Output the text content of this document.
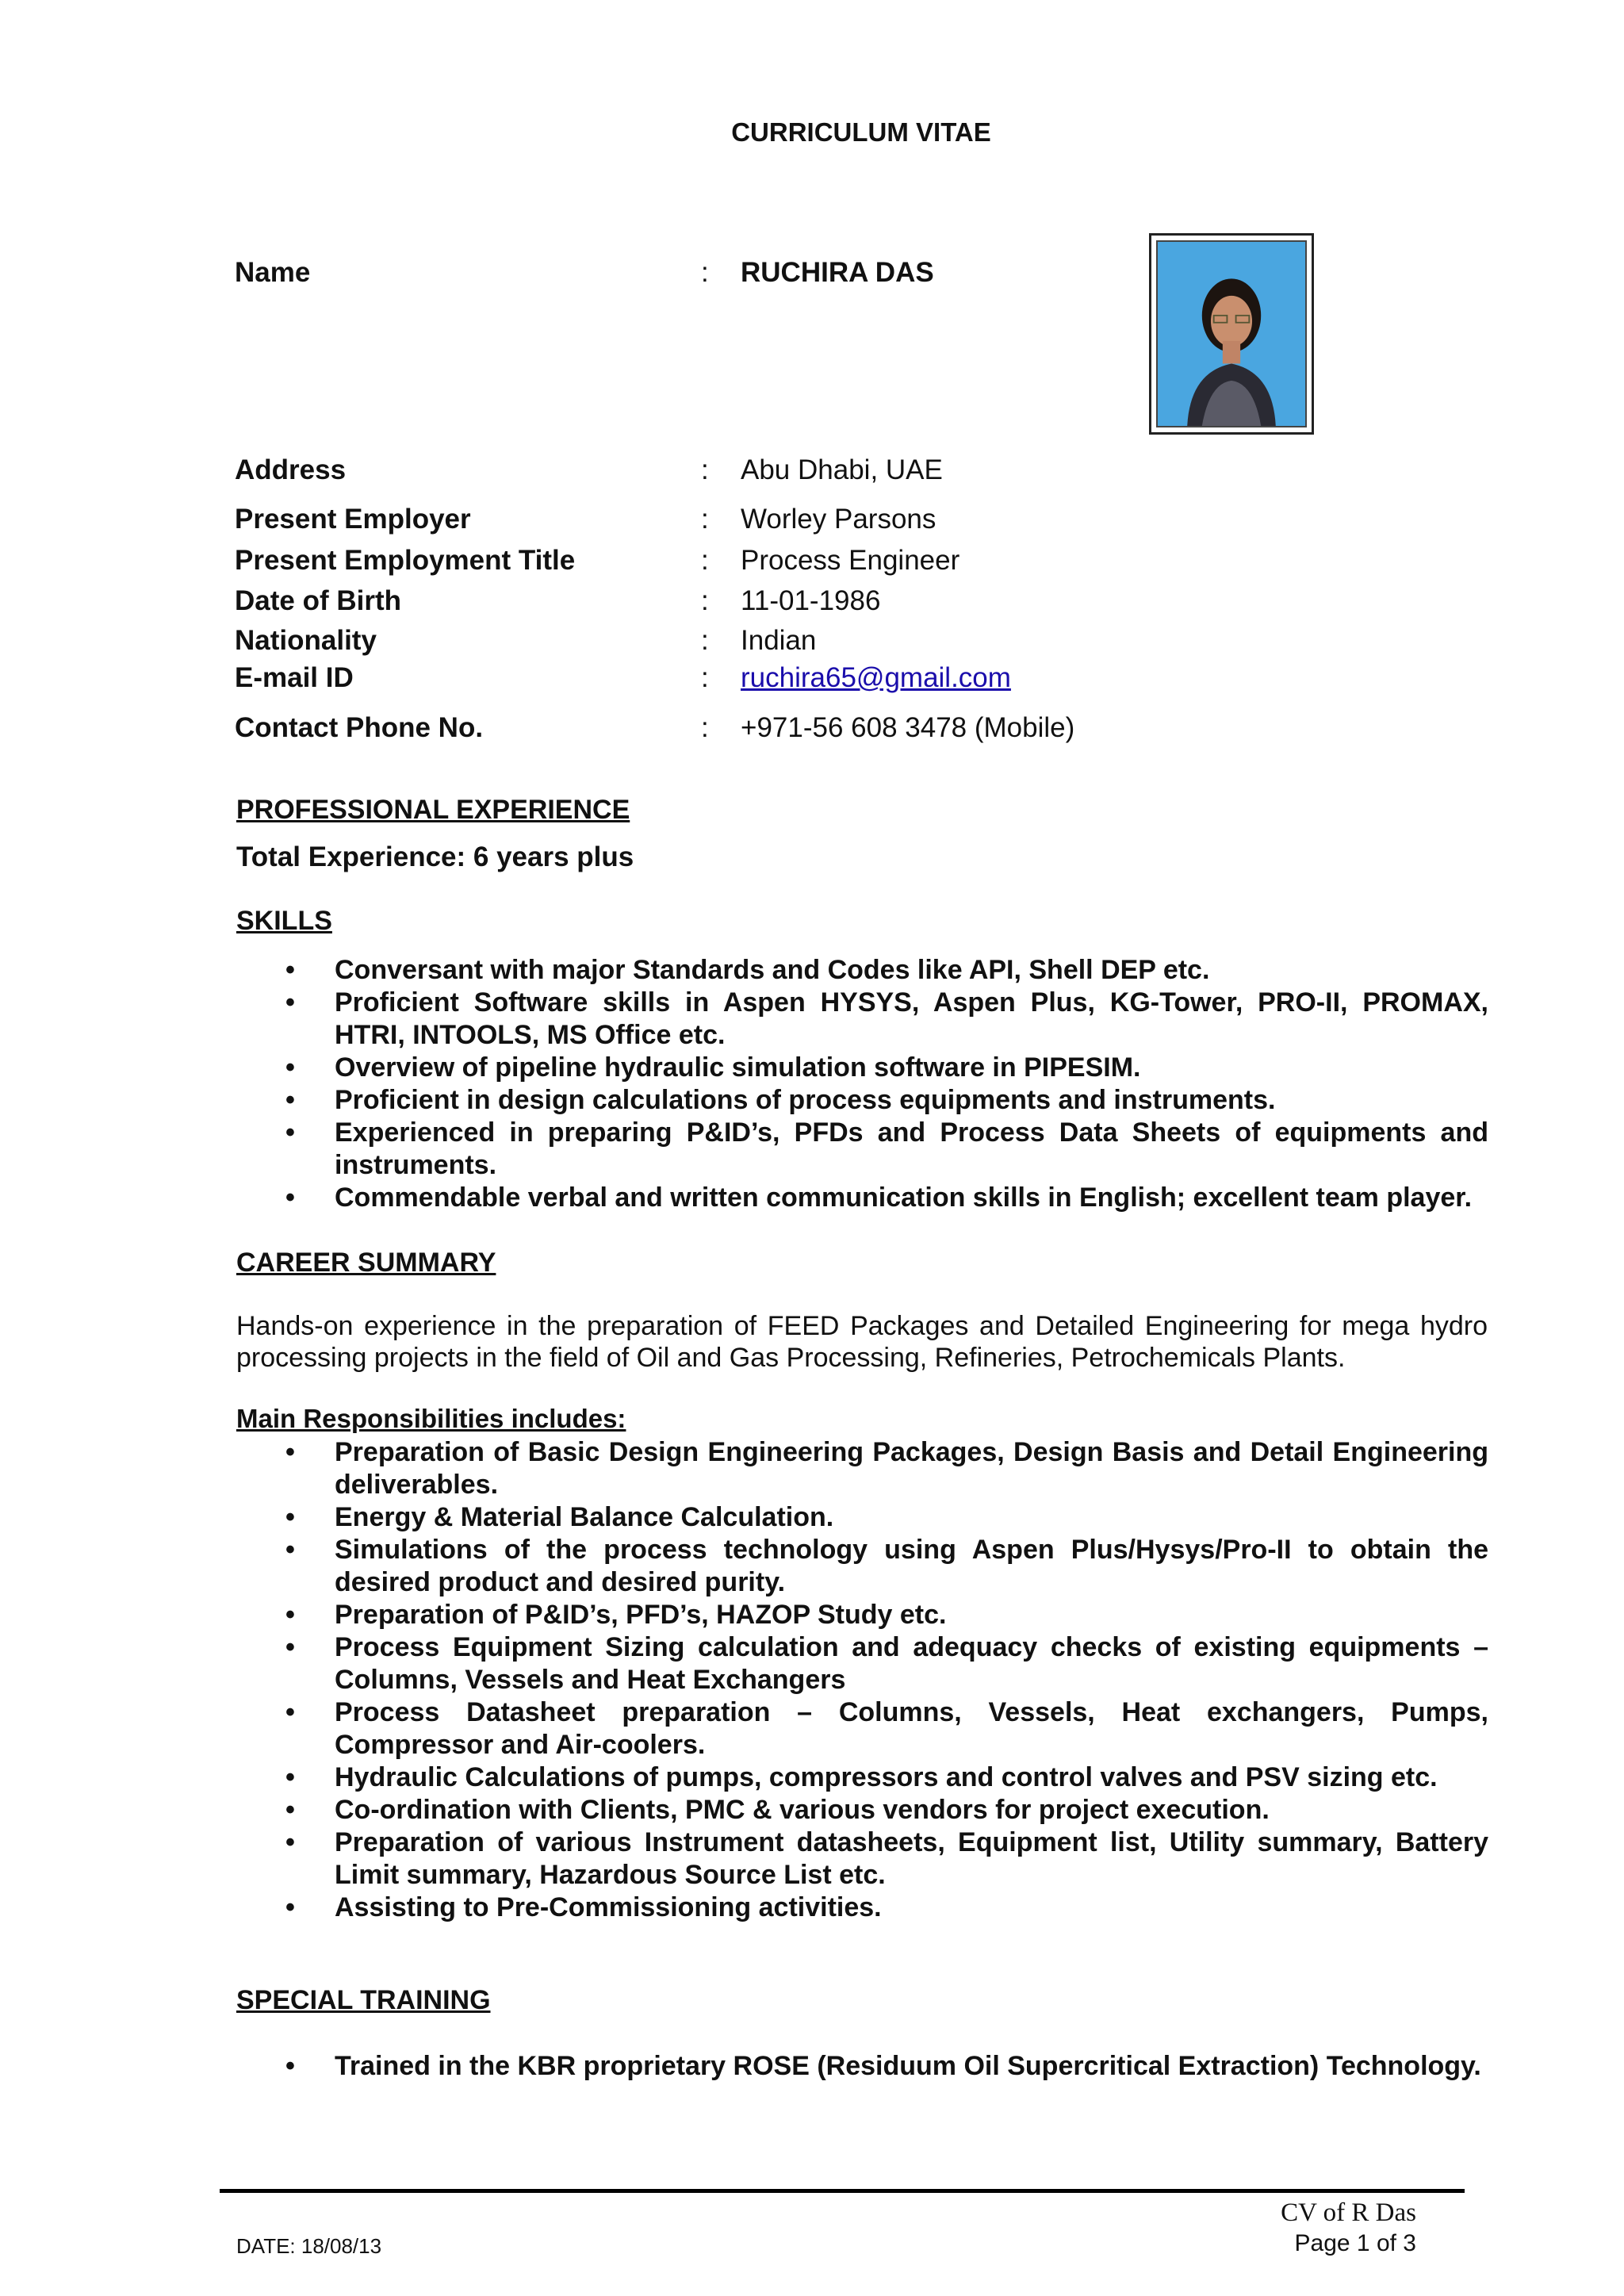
CURRICULUM VITAE
Name	: RUCHIRA DAS
Address	: Abu Dhabi, UAE
Present Employer	: Worley Parsons
Present Employment Title	: Process Engineer
Date of Birth	: 11-01-1986
Nationality	: Indian
E-mail ID	: ruchira65@gmail.com
Contact Phone No.	: +971-56 608 3478 (Mobile)
PROFESSIONAL EXPERIENCE
Total Experience: 6 years plus
SKILLS
• Conversant with major Standards and Codes like API, Shell DEP etc.
• Proficient Software skills in Aspen HYSYS, Aspen Plus, KG-Tower, PRO-II, PROMAX, HTRI, INTOOLS, MS Office etc.
• Overview of pipeline hydraulic simulation software in PIPESIM.
• Proficient in design calculations of process equipments and instruments.
• Experienced in preparing P&ID’s, PFDs and Process Data Sheets of equipments and instruments.
• Commendable verbal and written communication skills in English; excellent team player.
CAREER SUMMARY
Hands-on experience in the preparation of FEED Packages and Detailed Engineering for mega hydro processing projects in the field of Oil and Gas Processing, Refineries, Petrochemicals Plants.
Main Responsibilities includes:
• Preparation of Basic Design Engineering Packages, Design Basis and Detail Engineering deliverables.
• Energy & Material Balance Calculation.
• Simulations of the process technology using Aspen Plus/Hysys/Pro-II to obtain the desired product and desired purity.
• Preparation of P&ID’s, PFD’s, HAZOP Study etc.
• Process Equipment Sizing calculation and adequacy checks of existing equipments – Columns, Vessels and Heat Exchangers
• Process Datasheet preparation – Columns, Vessels, Heat exchangers, Pumps, Compressor and Air-coolers.
• Hydraulic Calculations of pumps, compressors and control valves and PSV sizing etc.
• Co-ordination with Clients, PMC & various vendors for project execution.
• Preparation of various Instrument datasheets, Equipment list, Utility summary, Battery Limit summary, Hazardous Source List etc.
• Assisting to Pre-Commissioning activities.
SPECIAL TRAINING
• Trained in the KBR proprietary ROSE (Residuum Oil Supercritical Extraction) Technology.
CV of R Das
DATE: 18/08/13	Page 1 of 3
